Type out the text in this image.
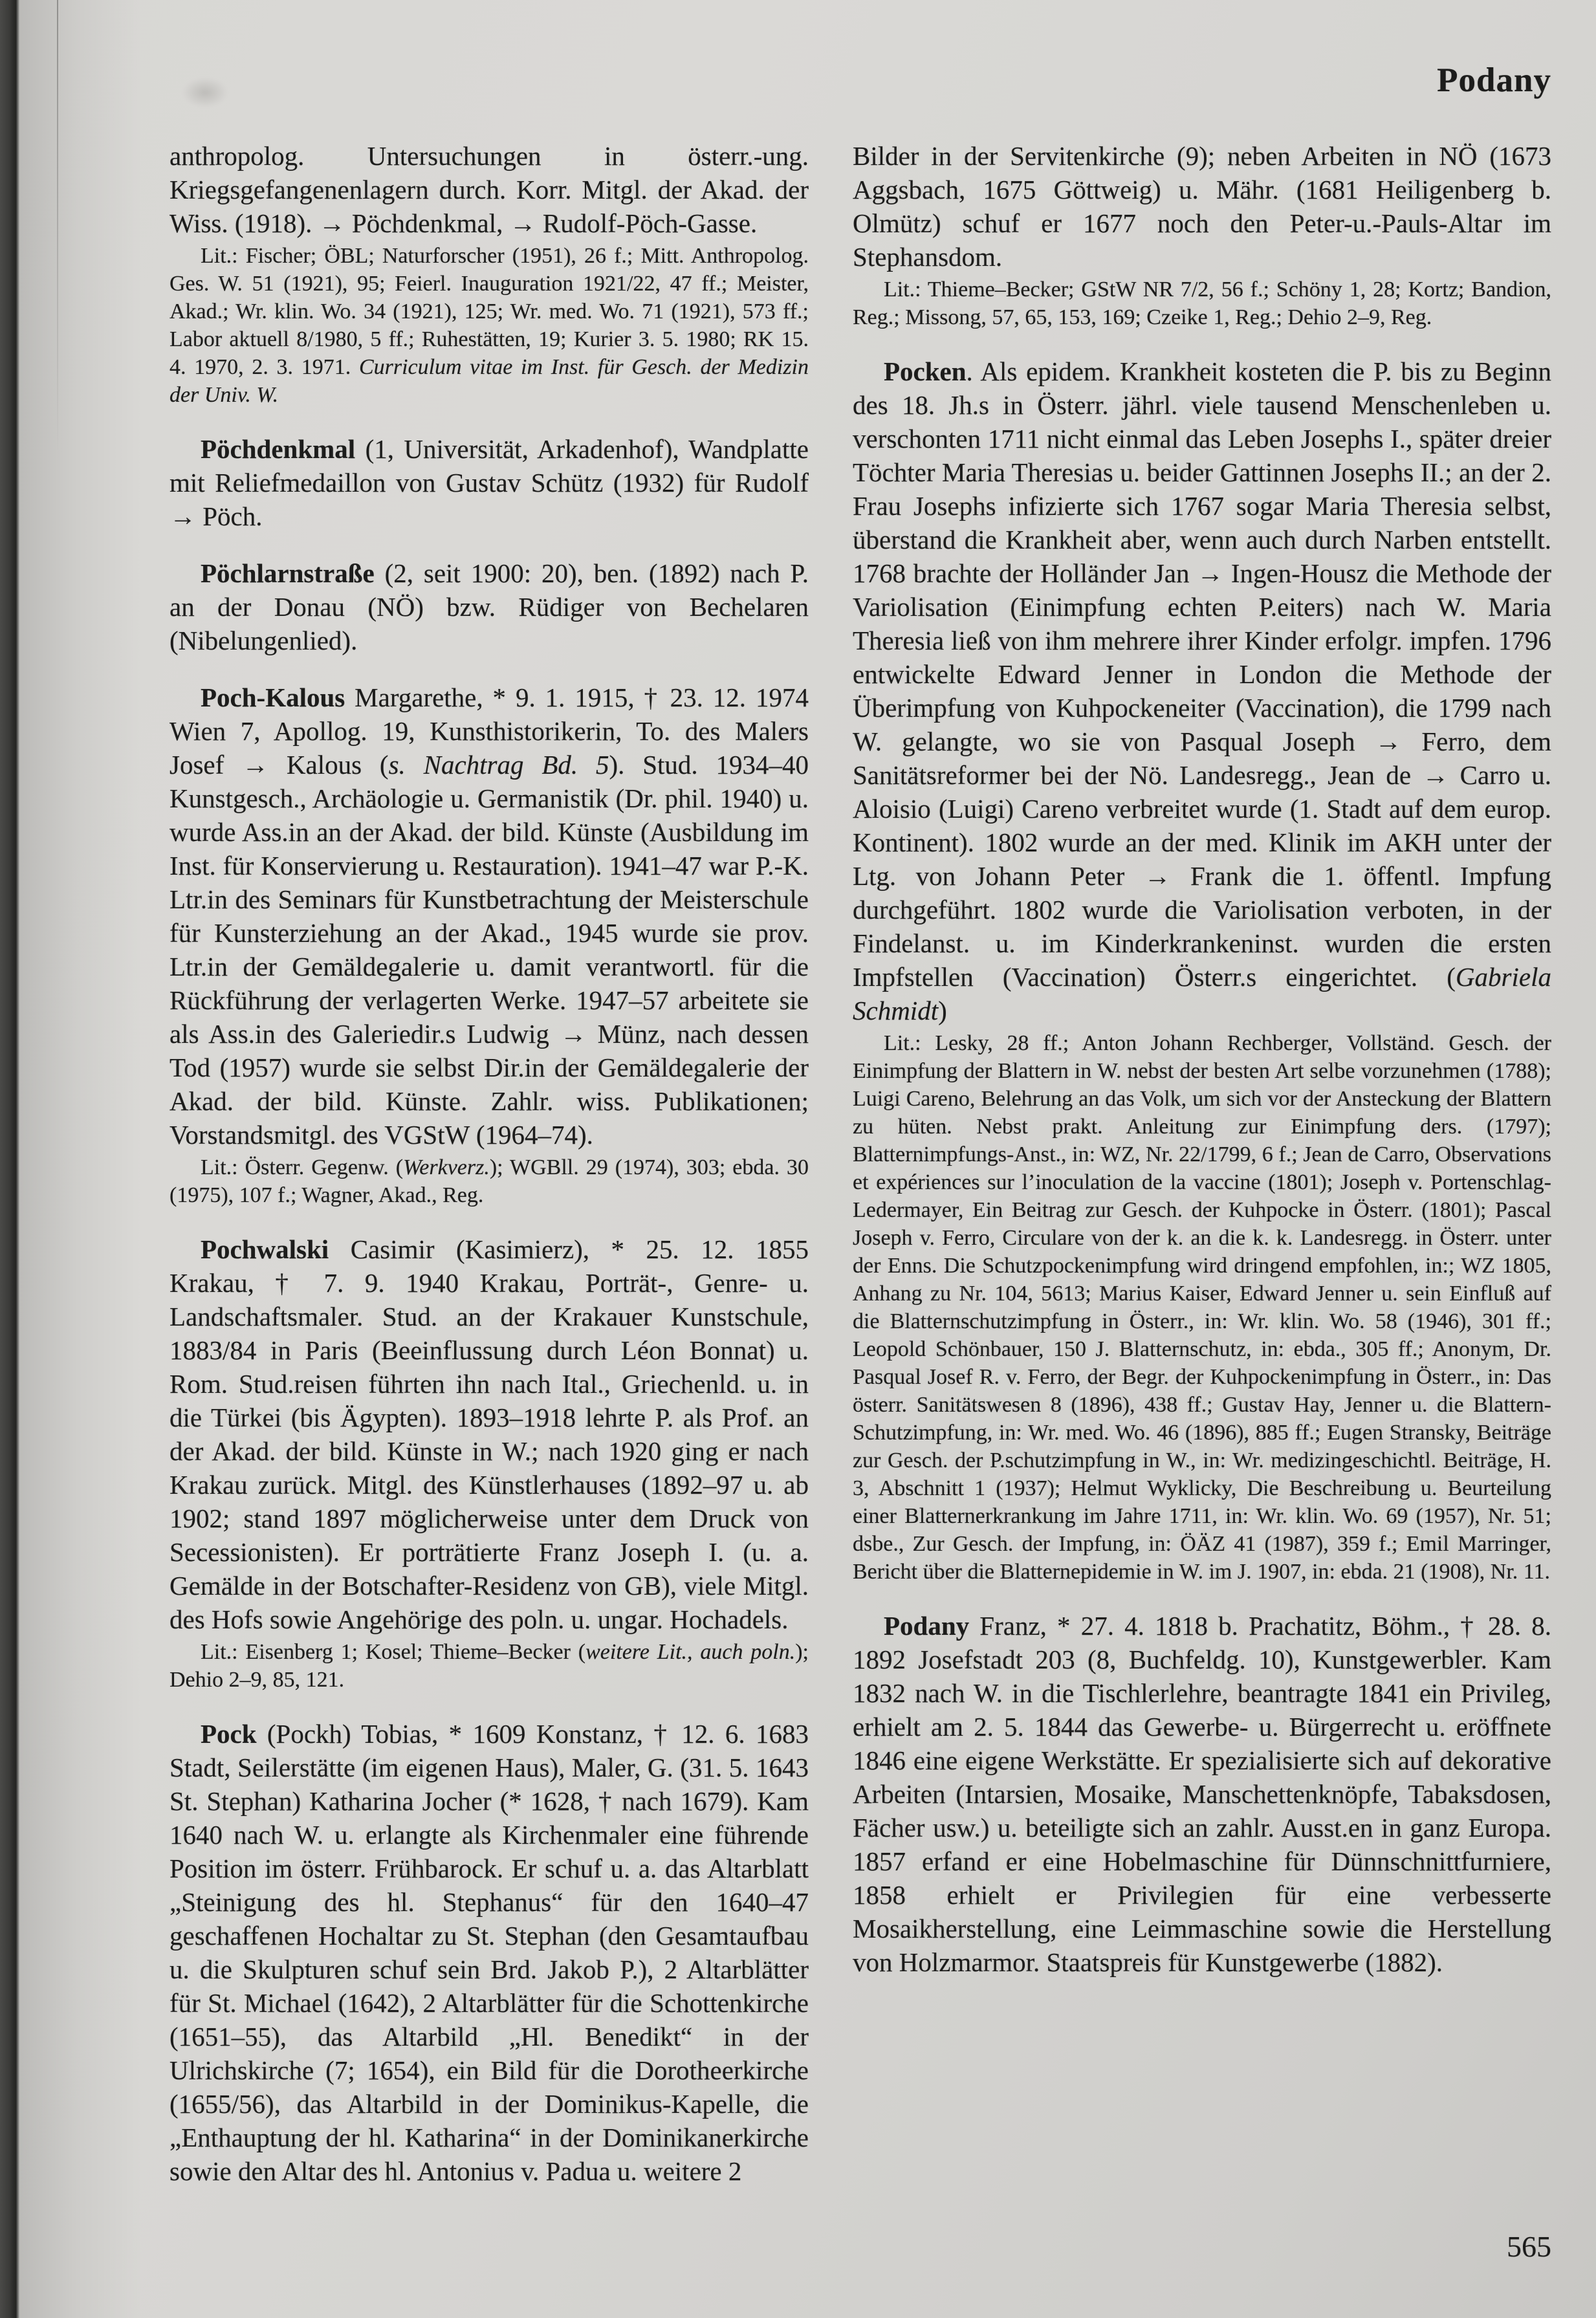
Podany

anthropolog. Untersuchungen in österr.-ung. Kriegsgefangenenlagern durch. Korr. Mitgl. der Akad. der Wiss. (1918). → Pöchdenkmal, → Rudolf-Pöch-Gasse.

Lit.: Fischer; ÖBL; Naturforscher (1951), 26 f.; Mitt. Anthropolog. Ges. W. 51 (1921), 95; Feierl. Inauguration 1921/22, 47 ff.; Meister, Akad.; Wr. klin. Wo. 34 (1921), 125; Wr. med. Wo. 71 (1921), 573 ff.; Labor aktuell 8/1980, 5 ff.; Ruhestätten, 19; Kurier 3. 5. 1980; RK 15. 4. 1970, 2. 3. 1971. Curriculum vitae im Inst. für Gesch. der Medizin der Univ. W.

Pöchdenkmal (1, Universität, Arkadenhof), Wandplatte mit Reliefmedaillon von Gustav Schütz (1932) für Rudolf → Pöch.

Pöchlarnstraße (2, seit 1900: 20), ben. (1892) nach P. an der Donau (NÖ) bzw. Rüdiger von Bechelaren (Nibelungenlied).

Poch-Kalous Margarethe, * 9. 1. 1915, † 23. 12. 1974 Wien 7, Apollog. 19, Kunsthistorikerin, To. des Malers Josef → Kalous (s. Nachtrag Bd. 5). Stud. 1934–40 Kunstgesch., Archäologie u. Germanistik (Dr. phil. 1940) u. wurde Ass.in an der Akad. der bild. Künste (Ausbildung im Inst. für Konservierung u. Restauration). 1941–47 war P.-K. Ltr.in des Seminars für Kunstbetrachtung der Meisterschule für Kunsterziehung an der Akad., 1945 wurde sie prov. Ltr.in der Gemäldegalerie u. damit verantwortl. für die Rückführung der verlagerten Werke. 1947–57 arbeitete sie als Ass.in des Galeriedir.s Ludwig → Münz, nach dessen Tod (1957) wurde sie selbst Dir.in der Gemäldegalerie der Akad. der bild. Künste. Zahlr. wiss. Publikationen; Vorstandsmitgl. des VGStW (1964–74).

Lit.: Österr. Gegenw. (Werkverz.); WGBll. 29 (1974), 303; ebda. 30 (1975), 107 f.; Wagner, Akad., Reg.

Pochwalski Casimir (Kasimierz), * 25. 12. 1855 Krakau, † 7. 9. 1940 Krakau, Porträt-, Genre- u. Landschaftsmaler. Stud. an der Krakauer Kunstschule, 1883/84 in Paris (Beeinflussung durch Léon Bonnat) u. Rom. Stud.reisen führten ihn nach Ital., Griechenld. u. in die Türkei (bis Ägypten). 1893–1918 lehrte P. als Prof. an der Akad. der bild. Künste in W.; nach 1920 ging er nach Krakau zurück. Mitgl. des Künstlerhauses (1892–97 u. ab 1902; stand 1897 möglicherweise unter dem Druck von Secessionisten). Er porträtierte Franz Joseph I. (u. a. Gemälde in der Botschafter-Residenz von GB), viele Mitgl. des Hofs sowie Angehörige des poln. u. ungar. Hochadels.

Lit.: Eisenberg 1; Kosel; Thieme–Becker (weitere Lit., auch poln.); Dehio 2–9, 85, 121.

Pock (Pockh) Tobias, * 1609 Konstanz, † 12. 6. 1683 Stadt, Seilerstätte (im eigenen Haus), Maler, G. (31. 5. 1643 St. Stephan) Katharina Jocher (* 1628, † nach 1679). Kam 1640 nach W. u. erlangte als Kirchenmaler eine führende Position im österr. Frühbarock. Er schuf u. a. das Altarblatt „Steinigung des hl. Stephanus“ für den 1640–47 geschaffenen Hochaltar zu St. Stephan (den Gesamtaufbau u. die Skulpturen schuf sein Brd. Jakob P.), 2 Altarblätter für St. Michael (1642), 2 Altarblätter für die Schottenkirche (1651–55), das Altarbild „Hl. Benedikt“ in der Ulrichskirche (7; 1654), ein Bild für die Dorotheerkirche (1655/56), das Altarbild in der Dominikus-Kapelle, die „Enthauptung der hl. Katharina“ in der Dominikanerkirche sowie den Altar des hl. Antonius v. Padua u. weitere 2

Bilder in der Servitenkirche (9); neben Arbeiten in NÖ (1673 Aggsbach, 1675 Göttweig) u. Mähr. (1681 Heiligenberg b. Olmütz) schuf er 1677 noch den Peter-u.-Pauls-Altar im Stephansdom.

Lit.: Thieme–Becker; GStW NR 7/2, 56 f.; Schöny 1, 28; Kortz; Bandion, Reg.; Missong, 57, 65, 153, 169; Czeike 1, Reg.; Dehio 2–9, Reg.

Pocken. Als epidem. Krankheit kosteten die P. bis zu Beginn des 18. Jh.s in Österr. jährl. viele tausend Menschenleben u. verschonten 1711 nicht einmal das Leben Josephs I., später dreier Töchter Maria Theresias u. beider Gattinnen Josephs II.; an der 2. Frau Josephs infizierte sich 1767 sogar Maria Theresia selbst, überstand die Krankheit aber, wenn auch durch Narben entstellt. 1768 brachte der Holländer Jan → Ingen-Housz die Methode der Variolisation (Einimpfung echten P.eiters) nach W. Maria Theresia ließ von ihm mehrere ihrer Kinder erfolgr. impfen. 1796 entwickelte Edward Jenner in London die Methode der Überimpfung von Kuhpockeneiter (Vaccination), die 1799 nach W. gelangte, wo sie von Pasqual Joseph → Ferro, dem Sanitätsreformer bei der Nö. Landesregg., Jean de → Carro u. Aloisio (Luigi) Careno verbreitet wurde (1. Stadt auf dem europ. Kontinent). 1802 wurde an der med. Klinik im AKH unter der Ltg. von Johann Peter → Frank die 1. öffentl. Impfung durchgeführt. 1802 wurde die Variolisation verboten, in der Findelanst. u. im Kinderkrankeninst. wurden die ersten Impfstellen (Vaccination) Österr.s eingerichtet. (Gabriela Schmidt)

Lit.: Lesky, 28 ff.; Anton Johann Rechberger, Vollständ. Gesch. der Einimpfung der Blattern in W. nebst der besten Art selbe vorzunehmen (1788); Luigi Careno, Belehrung an das Volk, um sich vor der Ansteckung der Blattern zu hüten. Nebst prakt. Anleitung zur Einimpfung ders. (1797); Blatternimpfungs-Anst., in: WZ, Nr. 22/1799, 6 f.; Jean de Carro, Observations et expériences sur l’inoculation de la vaccine (1801); Joseph v. Portenschlag-Ledermayer, Ein Beitrag zur Gesch. der Kuhpocke in Österr. (1801); Pascal Joseph v. Ferro, Circulare von der k. an die k. k. Landesregg. in Österr. unter der Enns. Die Schutzpockenimpfung wird dringend empfohlen, in:; WZ 1805, Anhang zu Nr. 104, 5613; Marius Kaiser, Edward Jenner u. sein Einfluß auf die Blatternschutzimpfung in Österr., in: Wr. klin. Wo. 58 (1946), 301 ff.; Leopold Schönbauer, 150 J. Blatternschutz, in: ebda., 305 ff.; Anonym, Dr. Pasqual Josef R. v. Ferro, der Begr. der Kuhpockenimpfung in Österr., in: Das österr. Sanitätswesen 8 (1896), 438 ff.; Gustav Hay, Jenner u. die Blattern-Schutzimpfung, in: Wr. med. Wo. 46 (1896), 885 ff.; Eugen Stransky, Beiträge zur Gesch. der P.schutzimpfung in W., in: Wr. medizingeschichtl. Beiträge, H. 3, Abschnitt 1 (1937); Helmut Wyklicky, Die Beschreibung u. Beurteilung einer Blatternerkrankung im Jahre 1711, in: Wr. klin. Wo. 69 (1957), Nr. 51; dsbe., Zur Gesch. der Impfung, in: ÖÄZ 41 (1987), 359 f.; Emil Marringer, Bericht über die Blatternepidemie in W. im J. 1907, in: ebda. 21 (1908), Nr. 11.

Podany Franz, * 27. 4. 1818 b. Prachatitz, Böhm., † 28. 8. 1892 Josefstadt 203 (8, Buchfeldg. 10), Kunstgewerbler. Kam 1832 nach W. in die Tischlerlehre, beantragte 1841 ein Privileg, erhielt am 2. 5. 1844 das Gewerbe- u. Bürgerrecht u. eröffnete 1846 eine eigene Werkstätte. Er spezialisierte sich auf dekorative Arbeiten (Intarsien, Mosaike, Manschettenknöpfe, Tabaksdosen, Fächer usw.) u. beteiligte sich an zahlr. Ausst.en in ganz Europa. 1857 erfand er eine Hobelmaschine für Dünnschnittfurniere, 1858 erhielt er Privilegien für eine verbesserte Mosaikherstellung, eine Leimmaschine sowie die Herstellung von Holzmarmor. Staatspreis für Kunstgewerbe (1882).

565
